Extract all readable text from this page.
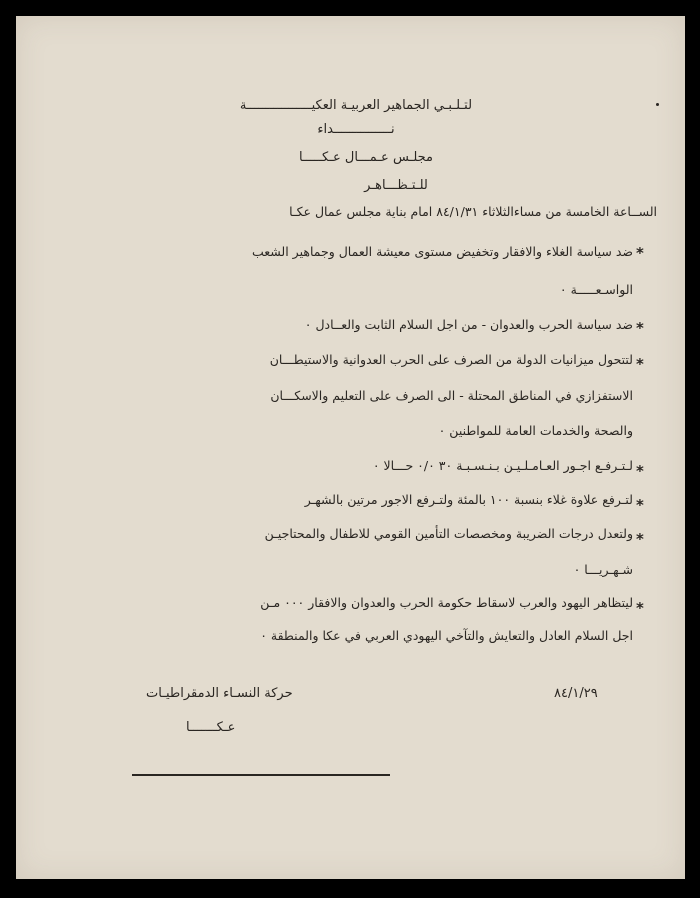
لتـلـبـي الجماهير العربيـة العكيـــــــــــــــــة
نـــــــــــــــداء
مجلـس عـمـــال عـكـــــا
للـتـظـــاهـر
الســاعة الخامسة من مساءالثلاثاء ٨٤/١/٣١ امام بناية مجلس عمال عكـا
*
ضد سياسة الغلاء والافقار وتخفيض مستوى معيشة العمال وجماهير الشعب
الواسـعـــــة ٠
*
ضد سياسة الحرب والعدوان - من اجل السلام الثابت والعــادل ٠
*
لتتحول ميزانيات الدولة من الصرف على الحرب العدوانية والاستيطـــان
الاستفزازي في المناطق المحتلة - الى الصرف على التعليم والاسكـــان
والصحة والخدمات العامة للمواطنين ٠
*
لـتـرفـع اجـور العـامـلـيـن بـنـسـبـة ٣٠ ٠/٠ حـــالا ٠
*
لتـرفع علاوة غلاء بنسبة ١٠٠ بالمئة ولتـرفع الاجور مرتين بالشهـر
*
ولتعدل درجات الضريبة ومخصصات التأمين القومي للاطفال والمحتاجيـن
شـهـريـــا ٠
*
ليتظاهر اليهود والعرب لاسقاط حكومة الحرب والعدوان والافقار ٠٠٠ مـن
اجل السلام العادل والتعايش والتآخي اليهودي العربي في عكا والمنطقة ٠
٨٤/١/٢٩
حركة النسـاء الدمقراطيـات
عـكـــــــا
